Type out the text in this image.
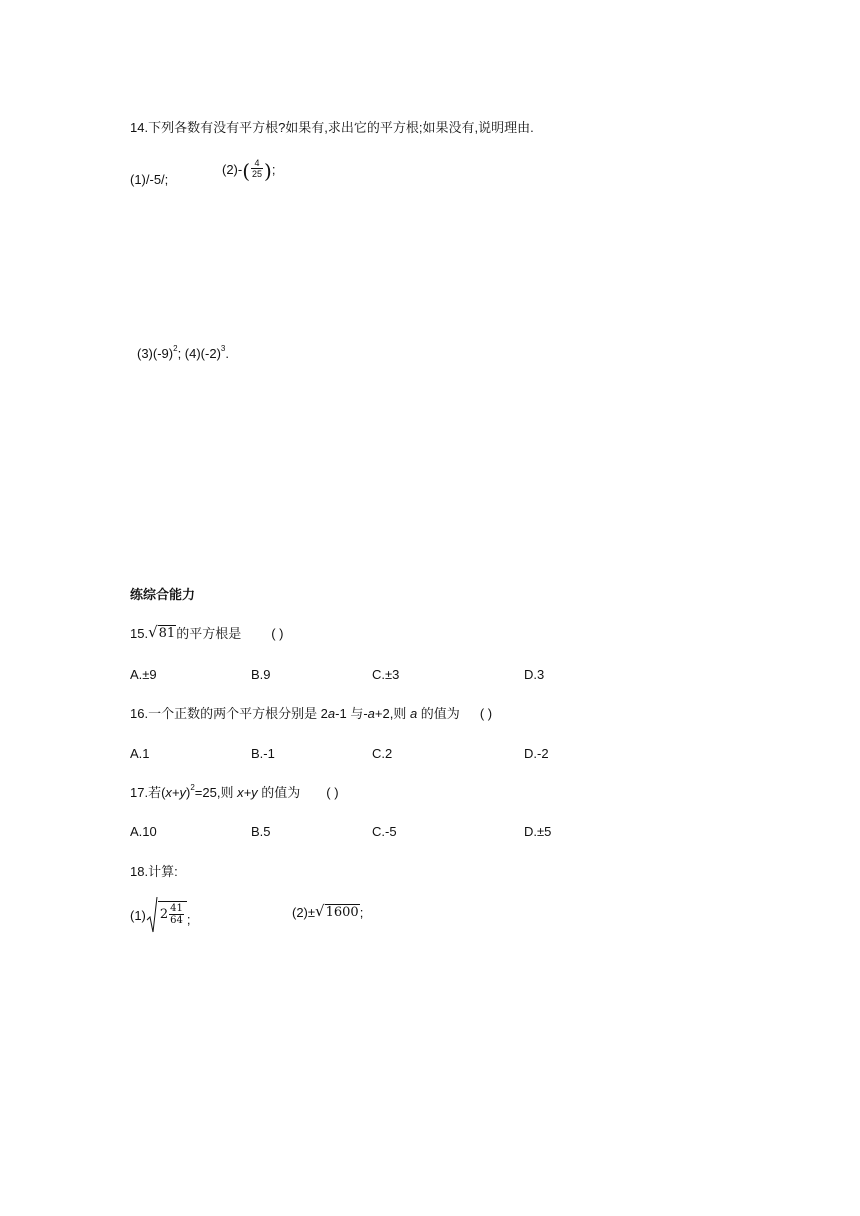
14.下列各数有没有平方根?如果有,求出它的平方根;如果没有,说明理由.
(1)/-5/;
(2)- ( $\frac{4}{25}$ ) ;
$(3)(-9)^2$; $(4)(-2)^3$.
练综合能力
15. √ 81 的平方根是 ( )
A.±9	B.9	C.±3	D.3
16.一个正数的两个平方根分别是 2a-1 与-a+2,则 a 的值为 ( )
A.1	B.-1	C.2	D.-2
17.若$(x+y)^2=25$,则 x+y 的值为 ( )
A.10	B.5	C.-5	D.±5
18.计算:
(1) $2 \frac{41}{64}$ ;	(2)± √ 1600 ;
